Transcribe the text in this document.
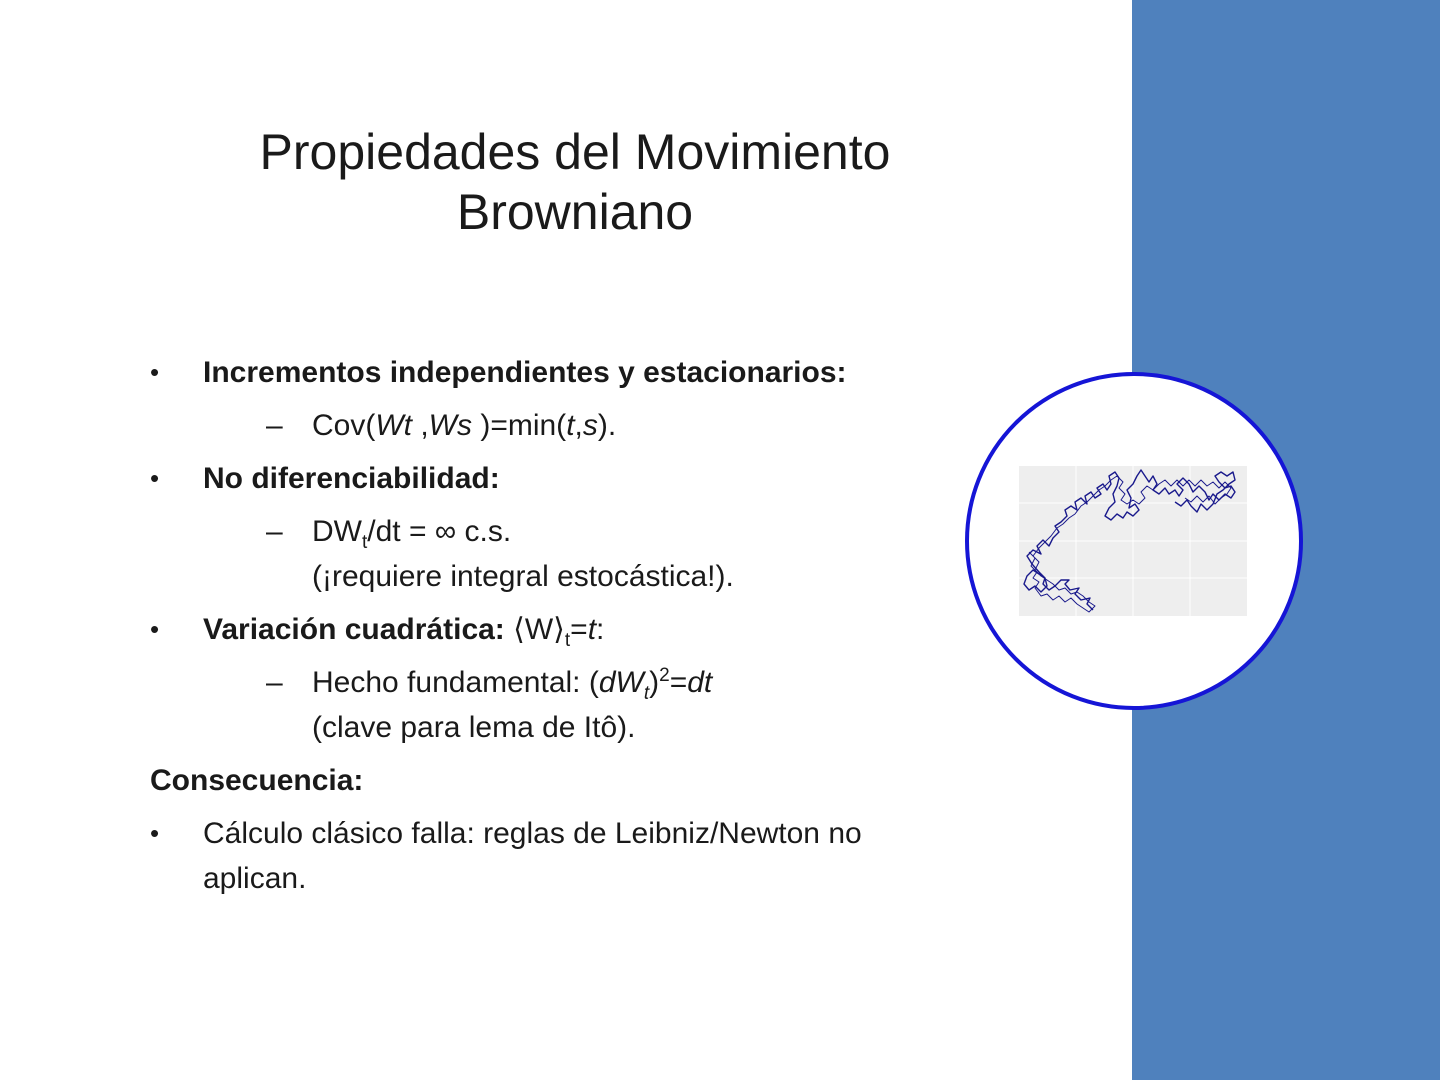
Propiedades del Movimiento
Browniano
• Incrementos independientes y estacionarios:
– Cov(Wt ,Ws )=min(t,s).
• No diferenciabilidad:
– $DW_t/dt$ = ∞ c.s.
(¡requiere integral estocástica!).
• Variación cuadrática: $⟨W⟩_t=t$:
– Hecho fundamental: $(dW_t)^2=dt$
(clave para lema de Itô).
Consecuencia:
• Cálculo clásico falla: reglas de Leibniz/Newton no aplican.
